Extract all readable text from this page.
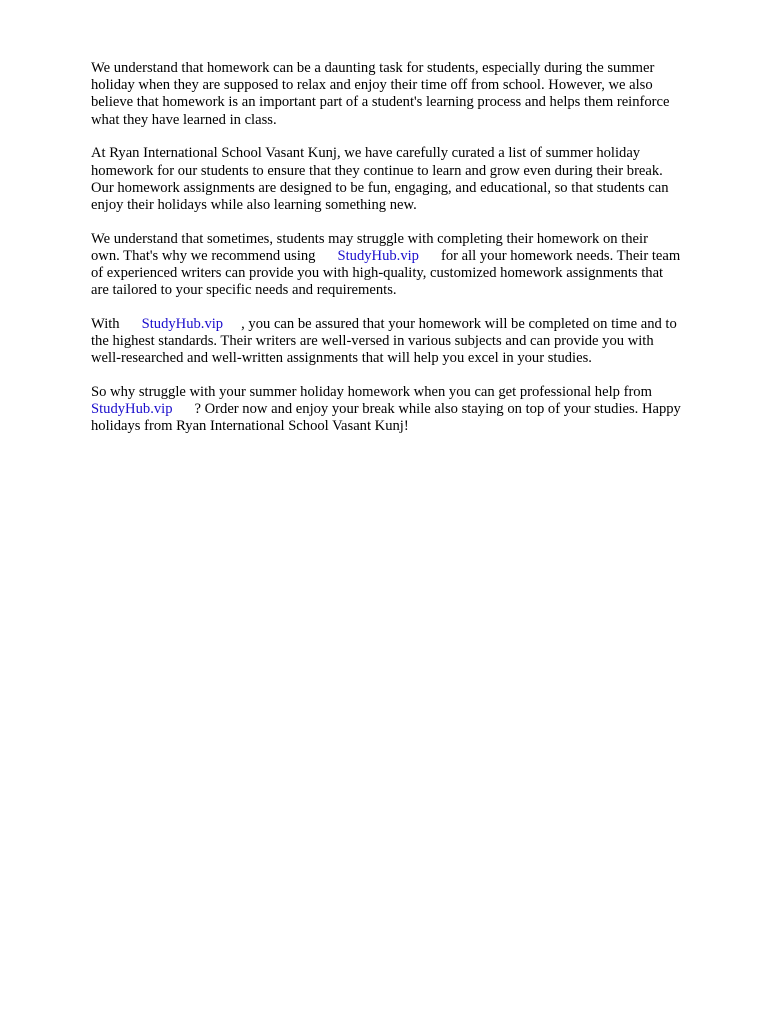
We understand that homework can be a daunting task for students, especially during the summer
holiday when they are supposed to relax and enjoy their time off from school. However, we also
believe that homework is an important part of a student's learning process and helps them reinforce
what they have learned in class.

At Ryan International School Vasant Kunj, we have carefully curated a list of summer holiday
homework for our students to ensure that they continue to learn and grow even during their break.
Our homework assignments are designed to be fun, engaging, and educational, so that students can
enjoy their holidays while also learning something new.

We understand that sometimes, students may struggle with completing their homework on their
own. That's why we recommend using StudyHub.vip for all your homework needs. Their team
of experienced writers can provide you with high-quality, customized homework assignments that
are tailored to your specific needs and requirements.

With StudyHub.vip , you can be assured that your homework will be completed on time and to
the highest standards. Their writers are well-versed in various subjects and can provide you with
well-researched and well-written assignments that will help you excel in your studies.

So why struggle with your summer holiday homework when you can get professional help from
StudyHub.vip ? Order now and enjoy your break while also staying on top of your studies. Happy
holidays from Ryan International School Vasant Kunj!
